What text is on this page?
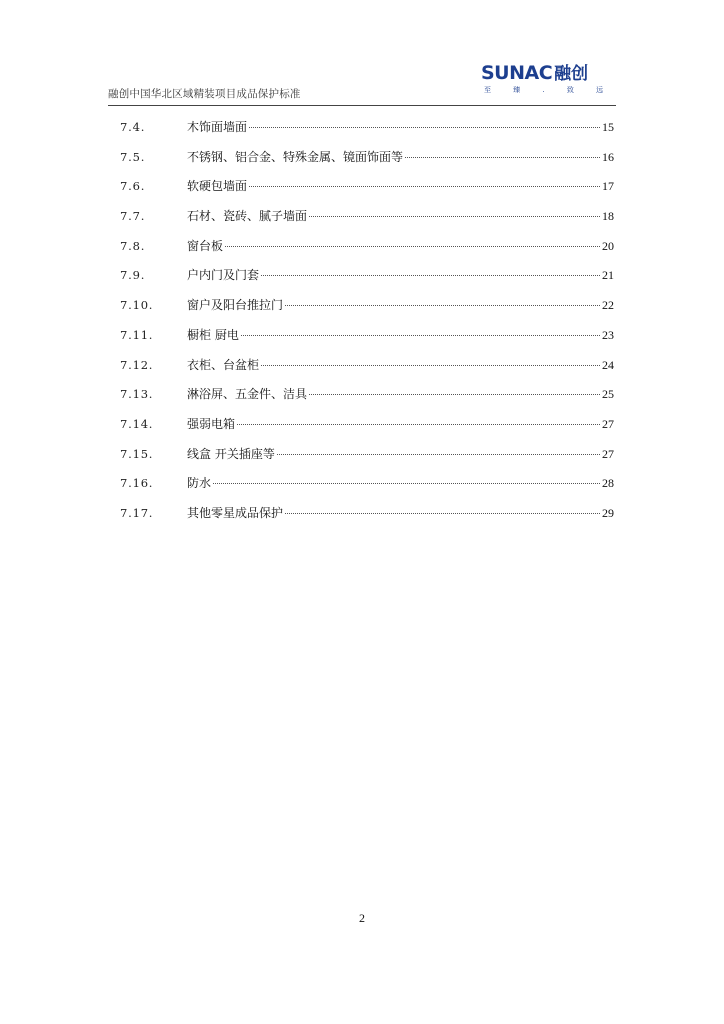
融创中国华北区域精装项目成品保护标准
SUNAC 融创
至 臻 . 致 远
7.4.	木饰面墙面	15
7.5.	不锈钢、铝合金、特殊金属、镜面饰面等	16
7.6.	软硬包墙面	17
7.7.	石材、瓷砖、腻子墙面	18
7.8.	窗台板	20
7.9.	户内门及门套	21
7.10.	窗户及阳台推拉门	22
7.11.	橱柜 厨电	23
7.12.	衣柜、台盆柜	24
7.13.	淋浴屏、五金件、洁具	25
7.14.	强弱电箱	27
7.15.	线盒 开关插座等	27
7.16.	防水	28
7.17.	其他零星成品保护	29
2
